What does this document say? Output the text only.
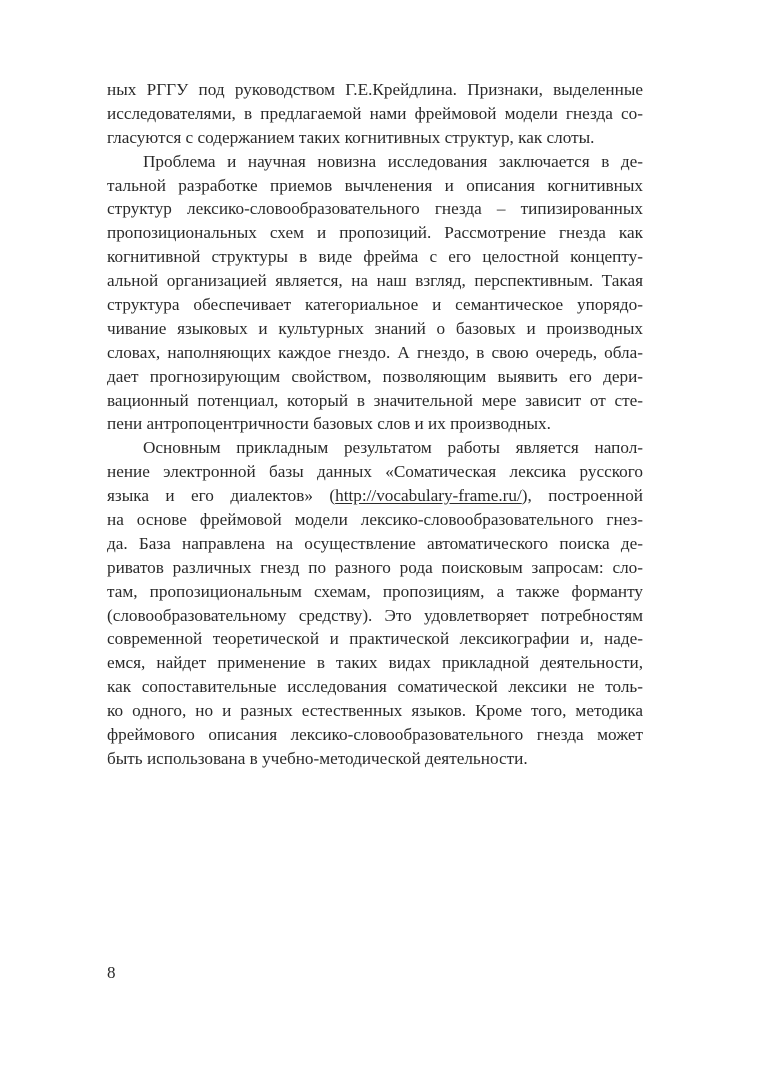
ных РГГУ под руководством Г.Е.Крейдлина. Признаки, выделенные
исследователями, в предлагаемой нами фреймовой модели гнезда со-
гласуются с содержанием таких когнитивных структур, как слоты.
Проблема и научная новизна исследования заключается в де-
тальной разработке приемов вычленения и описания когнитивных
структур лексико-словообразовательного гнезда – типизированных
пропозициональных схем и пропозиций. Рассмотрение гнезда как
когнитивной структуры в виде фрейма с его целостной концепту-
альной организацией является, на наш взгляд, перспективным. Такая
структура обеспечивает категориальное и семантическое упорядо-
чивание языковых и культурных знаний о базовых и производных
словах, наполняющих каждое гнездо. А гнездо, в свою очередь, обла-
дает прогнозирующим свойством, позволяющим выявить его дери-
вационный потенциал, который в значительной мере зависит от сте-
пени антропоцентричности базовых слов и их производных.
Основным прикладным результатом работы является напол-
нение электронной базы данных «Соматическая лексика русского
языка и его диалектов» (http://vocabulary-frame.ru/), построенной
на основе фреймовой модели лексико-словообразовательного гнез-
да. База направлена на осуществление автоматического поиска де-
риватов различных гнезд по разного рода поисковым запросам: сло-
там, пропозициональным схемам, пропозициям, а также форманту
(словообразовательному средству). Это удовлетворяет потребностям
современной теоретической и практической лексикографии и, наде-
емся, найдет применение в таких видах прикладной деятельности,
как сопоставительные исследования соматической лексики не толь-
ко одного, но и разных естественных языков. Кроме того, методика
фреймового описания лексико-словообразовательного гнезда может
быть использована в учебно-методической деятельности.
8
